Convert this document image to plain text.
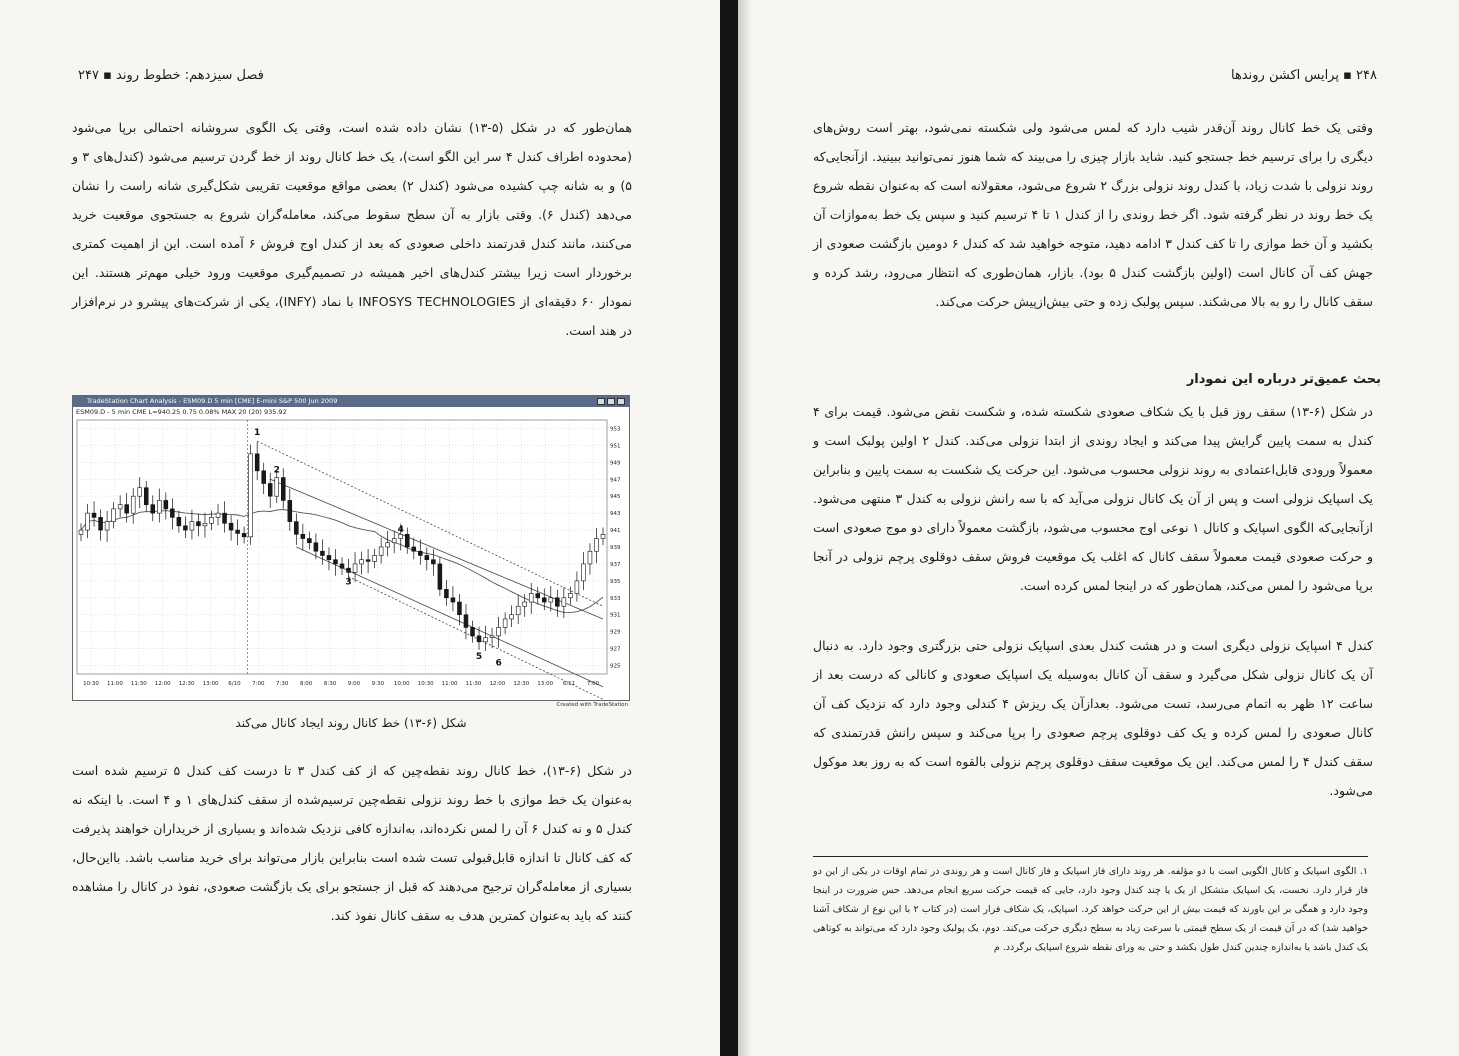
فصل سیزدهم: خطوط روند ▪ ۲۴۷

همان‌طور که در شکل (۵-۱۳) نشان داده شده است، وقتی یک الگوی سروشانه احتمالی برپا می‌شود (محدوده اطراف کندل ۴ سر این الگو است)، یک خط کانال روند از خط گردن ترسیم می‌شود (کندل‌های ۳ و ۵) و به شانه چپ کشیده می‌شود (کندل ۲) بعضی مواقع موقعیت تقریبی شکل‌گیری شانه راست را نشان می‌دهد (کندل ۶). وقتی بازار به آن سطح سقوط می‌کند، معامله‌گران شروع به جستجوی موقعیت خرید می‌کنند، مانند کندل قدرتمند داخلی صعودی که بعد از کندل اوج فروش ۶ آمده است. این از اهمیت کمتری برخوردار است زیرا بیشتر کندل‌های اخیر همیشه در تصمیم‌گیری موقعیت ورود خیلی مهم‌تر هستند. این نمودار ۶۰ دقیقه‌ای از INFOSYS TECHNOLOGIES با نماد (INFY)، یکی از شرکت‌های پیشرو در نرم‌افزار در هند است.

TradeStation Chart Analysis - ESM09.D 5 min [CME] E-mini S&P 500 Jun 2009
ESM09.D - 5 min CME L=940.25 0.75 0.08% MAX 20 (20) 935.92
953
951
949
947
945
943
941
939
937
935
933
931
929
927
925
10:30 11:00 11:30 12:00 12:30 13:00 6/10 7:00 7:30 8:00 8:30 9:00 9:30 10:00 10:30 11:00 11:30 12:00 12:30 13:00 6/11 7:00
1
2
3
4
5
6
Created with TradeStation
شکل (۶-۱۳) خط کانال روند ایجاد کانال می‌کند

در شکل (۶-۱۳)، خط کانال روند نقطه‌چین که از کف کندل ۳ تا درست کف کندل ۵ ترسیم شده است به‌عنوان یک خط موازی با خط روند نزولی نقطه‌چین ترسیم‌شده از سقف کندل‌های ۱ و ۴ است. با اینکه نه کندل ۵ و نه کندل ۶ آن را لمس نکرده‌اند، به‌اندازه کافی نزدیک شده‌اند و بسیاری از خریداران خواهند پذیرفت که کف کانال تا اندازه قابل‌قبولی تست شده است بنابراین بازار می‌تواند برای خرید مناسب باشد. بااین‌حال، بسیاری از معامله‌گران ترجیح می‌دهند که قبل از جستجو برای یک بازگشت صعودی، نفوذ در کانال را مشاهده کنند که باید به‌عنوان کمترین هدف به سقف کانال نفوذ کند.

۲۴۸ ▪ پرایس اکشن روندها

وقتی یک خط کانال روند آن‌قدر شیب دارد که لمس می‌شود ولی شکسته نمی‌شود، بهتر است روش‌های دیگری را برای ترسیم خط جستجو کنید. شاید بازار چیزی را می‌بیند که شما هنوز نمی‌توانید ببینید. ازآنجایی‌که روند نزولی با شدت زیاد، با کندل روند نزولی بزرگ ۲ شروع می‌شود، معقولانه است که به‌عنوان نقطه شروع یک خط روند در نظر گرفته شود. اگر خط روندی را از کندل ۱ تا ۴ ترسیم کنید و سپس یک خط به‌موازات آن بکشید و آن خط موازی را تا کف کندل ۳ ادامه دهید، متوجه خواهید شد که کندل ۶ دومین بازگشت صعودی از جهش کف آن کانال است (اولین بازگشت کندل ۵ بود). بازار، همان‌طوری که انتظار می‌رود، رشد کرده و سقف کانال را رو به بالا می‌شکند. سپس پولبک زده و حتی بیش‌ازپیش حرکت می‌کند.

بحث عمیق‌تر درباره این نمودار

در شکل (۶-۱۳) سقف روز قبل با یک شکاف صعودی شکسته شده، و شکست نقض می‌شود. قیمت برای ۴ کندل به سمت پایین گرایش پیدا می‌کند و ایجاد روندی از ابتدا نزولی می‌کند. کندل ۲ اولین پولبک است و معمولاً ورودی قابل‌اعتمادی به روند نزولی محسوب می‌شود. این حرکت یک شکست به سمت پایین و بنابراین یک اسپایک نزولی است و پس از آن یک کانال نزولی می‌آید که با سه رانش نزولی به کندل ۳ منتهی می‌شود. ازآنجایی‌که الگوی اسپایک و کانال ۱ نوعی اوج محسوب می‌شود، بازگشت معمولاً دارای دو موج صعودی است و حرکت صعودی قیمت معمولاً سقف کانال که اغلب یک موقعیت فروش سقف دوقلوی پرچم نزولی در آنجا برپا می‌شود را لمس می‌کند، همان‌طور که در اینجا لمس کرده است.

کندل ۴ اسپایک نزولی دیگری است و در هشت کندل بعدی اسپایک نزولی حتی بزرگتری وجود دارد. به دنبال آن یک کانال نزولی شکل می‌گیرد و سقف آن کانال به‌وسیله یک اسپایک صعودی و کانالی که درست بعد از ساعت ۱۲ ظهر به اتمام می‌رسد، تست می‌شود. بعدازآن یک ریزش ۴ کندلی وجود دارد که نزدیک کف آن کانال صعودی را لمس کرده و یک کف دوقلوی پرچم صعودی را برپا می‌کند و سپس رانش قدرتمندی که سقف کندل ۴ را لمس می‌کند. این یک موقعیت سقف دوقلوی پرچم نزولی بالقوه است که به روز بعد موکول می‌شود.

۱. الگوی اسپایک و کانال الگویی است با دو مؤلفه. هر روند دارای فاز اسپایک و فاز کانال است و هر روندی در تمام اوقات در یکی از این دو فاز قرار دارد. نخست، یک اسپایک متشکل از یک یا چند کندل وجود دارد، جایی که قیمت حرکت سریع انجام می‌دهد. حس ضرورت در اینجا وجود دارد و همگی بر این باورند که قیمت بیش از این حرکت خواهد کرد. اسپایک، یک شکاف فرار است (در کتاب ۲ با این نوع از شکاف آشنا خواهید شد) که در آن قیمت از یک سطح قیمتی با سرعت زیاد به سطح دیگری حرکت می‌کند. دوم، یک پولبک وجود دارد که می‌تواند به کوتاهی یک کندل باشد یا به‌اندازه چندین کندل طول بکشد و حتی به ورای نقطه شروع اسپایک برگردد. م
